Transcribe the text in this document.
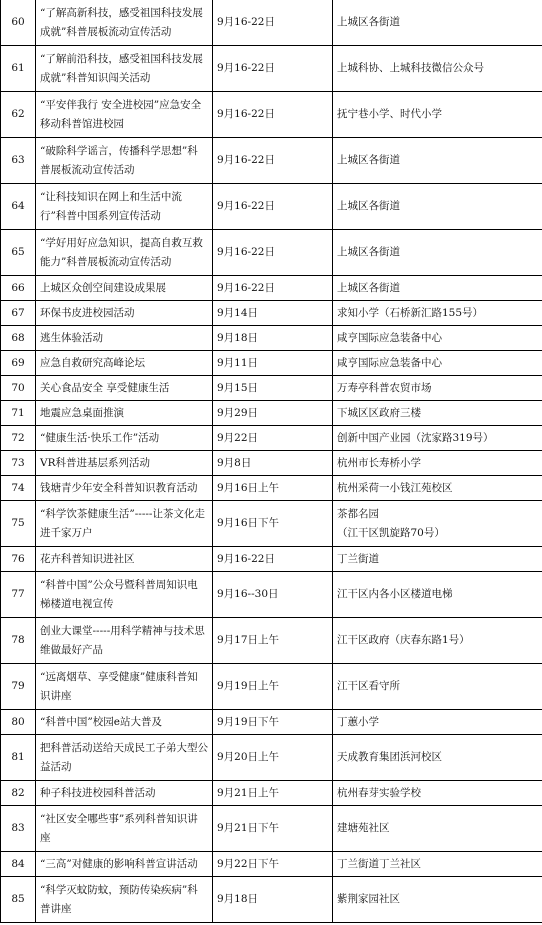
60	“了解高新科技，感受祖国科技发展成就”科普展板流动宣传活动	9月16-22日	上城区各街道

61	“了解前沿科技，感受祖国科技发展成就”科普知识闯关活动	9月16-22日	上城科协、上城科技微信公众号

62	“平安伴我行 安全进校园”应急安全移动科普馆进校园	9月16-22日	抚宁巷小学、时代小学

63	“破除科学谣言，传播科学思想”科普展板流动宣传活动	9月16-22日	上城区各街道

64	“让科技知识在网上和生活中流行”科普中国系列宣传活动	9月16-22日	上城区各街道

65	“学好用好应急知识，提高自救互救能力”科普展板流动宣传活动	9月16-22日	上城区各街道

66	上城区众创空间建设成果展	9月16-22日	上城区各街道

67	环保书皮进校园活动	9月14日	求知小学（石桥新汇路155号）

68	逃生体验活动	9月18日	咸亨国际应急装备中心

69	应急自救研究高峰论坛	9月11日	咸亨国际应急装备中心

70	关心食品安全 享受健康生活	9月15日	万寿亭科普农贸市场

71	地震应急桌面推演	9月29日	下城区区政府三楼

72	“健康生活·快乐工作”活动	9月22日	创新中国产业园（沈家路319号）

73	VR科普进基层系列活动	9月8日	杭州市长寿桥小学

74	钱塘青少年安全科普知识教育活动	9月16日上午	杭州采荷一小钱江苑校区

75	“科学饮茶健康生活”-----让茶文化走进千家万户	9月16日下午	茶都名园
（江干区凯旋路70号）

76	花卉科普知识进社区	9月16-22日	丁兰街道

77	“科普中国”公众号暨科普周知识电梯楼道电视宣传	9月16--30日	江干区内各小区楼道电梯

78	创业大课堂-----用科学精神与技术思维做最好产品	9月17日上午	江干区政府（庆春东路1号）

79	“远离烟草、享受健康”健康科普知识讲座	9月19日上午	江干区看守所

80	“科普中国”校园e站大普及	9月19日下午	丁蕙小学

81	把科普活动送给天成民工子弟大型公益活动	9月20日上午	天成教育集团浜河校区

82	种子科技进校园科普活动	9月21日上午	杭州春芽实验学校

83	“社区安全哪些事”系列科普知识讲座	9月21日下午	建塘苑社区

84	“三高”对健康的影响科普宣讲活动	9月22日下午	丁兰街道丁兰社区

85	“科学灭蚊防蚊，预防传染疾病”科普讲座	9月18日	紫荆家园社区
